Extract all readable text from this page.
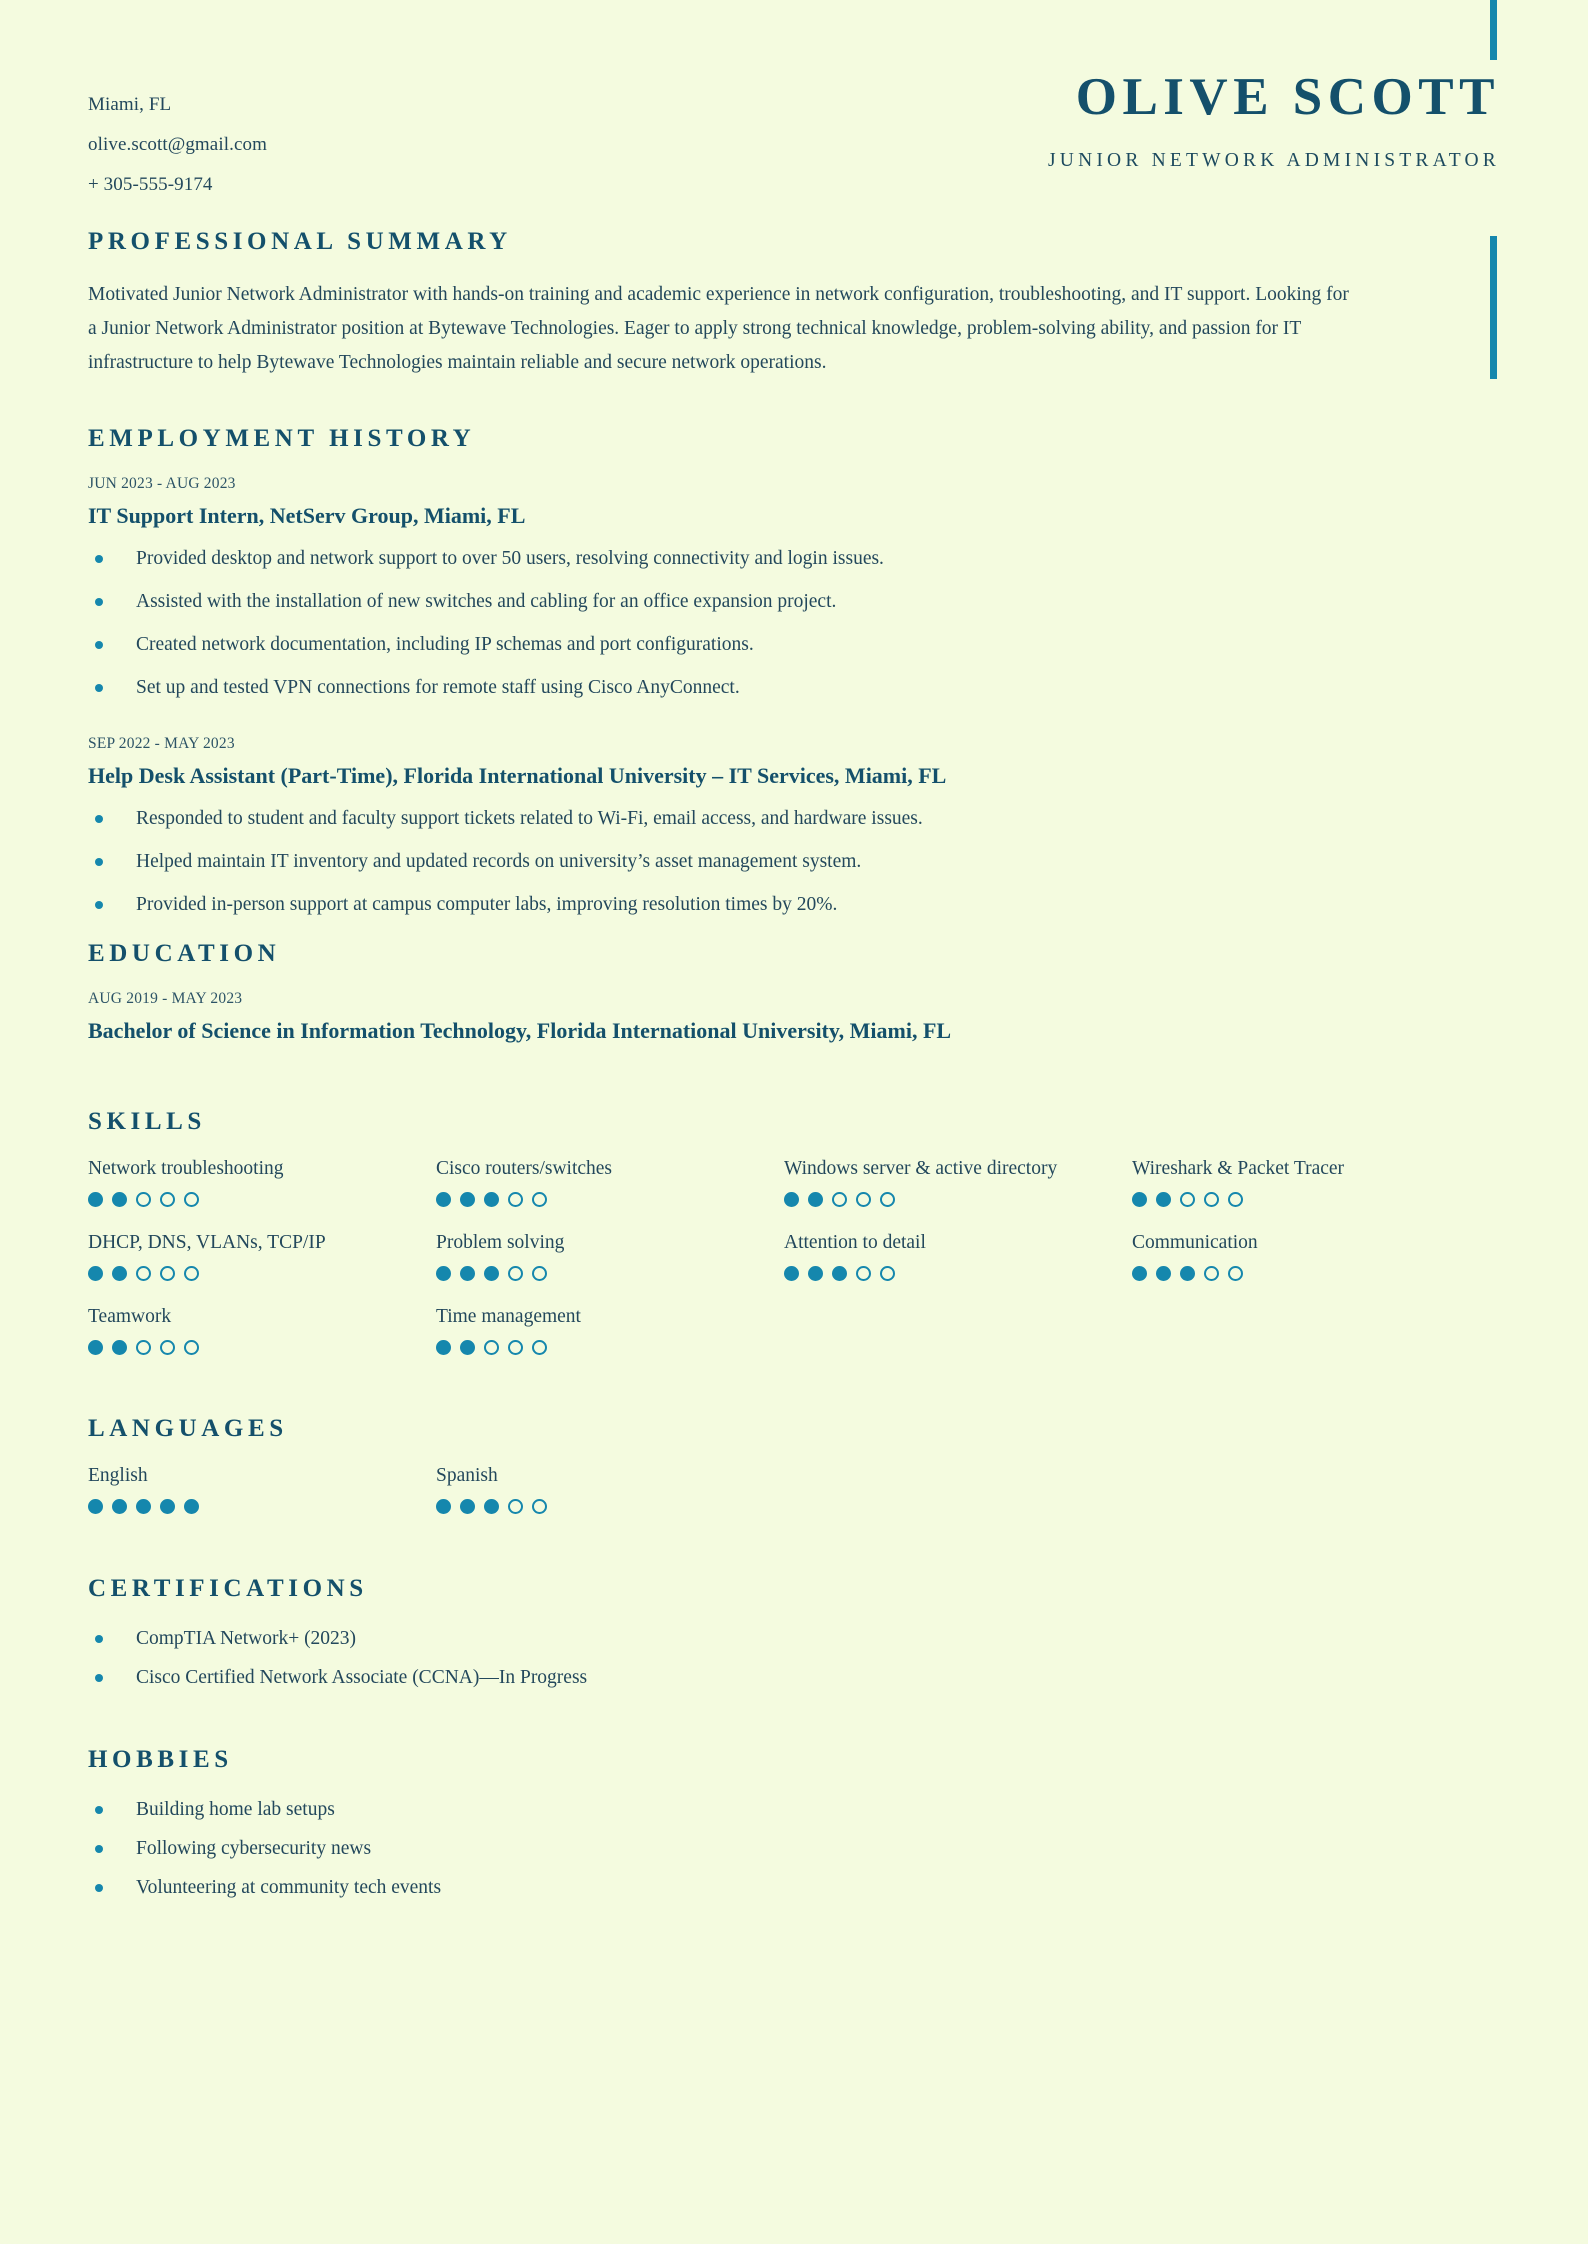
Miami, FL
olive.scott@gmail.com
+ 305-555-9174
OLIVE SCOTT
JUNIOR NETWORK ADMINISTRATOR
PROFESSIONAL SUMMARY

Motivated Junior Network Administrator with hands-on training and academic experience in network configuration, troubleshooting, and IT support. Looking for a Junior Network Administrator position at Bytewave Technologies. Eager to apply strong technical knowledge, problem-solving ability, and passion for IT infrastructure to help Bytewave Technologies maintain reliable and secure network operations.

EMPLOYMENT HISTORY
JUN 2023 - AUG 2023
IT Support Intern, NetServ Group, Miami, FL
Provided desktop and network support to over 50 users, resolving connectivity and login issues.
Assisted with the installation of new switches and cabling for an office expansion project.
Created network documentation, including IP schemas and port configurations.
Set up and tested VPN connections for remote staff using Cisco AnyConnect.
SEP 2022 - MAY 2023
Help Desk Assistant (Part-Time), Florida International University – IT Services, Miami, FL
Responded to student and faculty support tickets related to Wi-Fi, email access, and hardware issues.
Helped maintain IT inventory and updated records on university’s asset management system.
Provided in-person support at campus computer labs, improving resolution times by 20%.
EDUCATION
AUG 2019 - MAY 2023
Bachelor of Science in Information Technology, Florida International University, Miami, FL
SKILLS
Network troubleshooting	Cisco routers/switches	Windows server & active directory	Wireshark & Packet Tracer
DHCP, DNS, VLANs, TCP/IP	Problem solving	Attention to detail	Communication
Teamwork	Time management
LANGUAGES
English	Spanish
CERTIFICATIONS
CompTIA Network+ (2023)
Cisco Certified Network Associate (CCNA)—In Progress
HOBBIES
Building home lab setups
Following cybersecurity news
Volunteering at community tech events
